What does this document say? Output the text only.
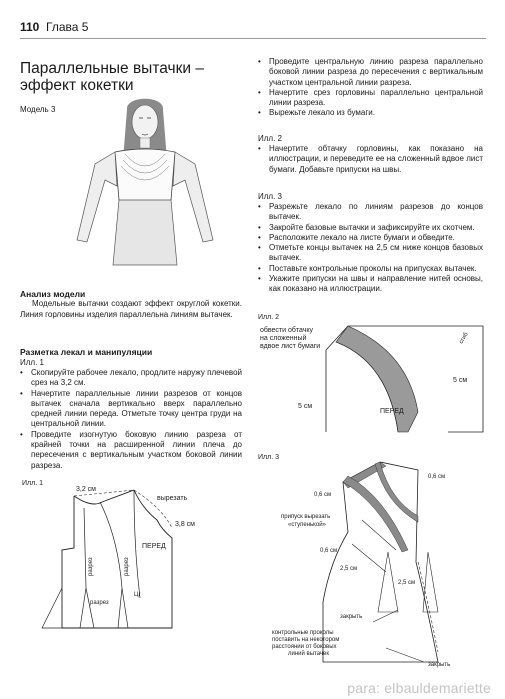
110 Глава 5
Параллельные вытачки – эффект кокетки
Модель 3
Анализ модели
Модельные вытачки создают эффект округлой кокетки. Линия горловины изделия параллельна линиям вытачек.
Разметка лекал и манипуляции
Илл. 1
• Скопируйте рабочее лекало, продлите наружу плечевой срез на 3,2 см.
• Начертите параллельные линии разрезов от концов вытачек сначала вертикально вверх параллельно средней линии переда. Отметьте точку центра груди на центральной линии.
• Проведите изогнутую боковую линию разреза от крайней точки на расширенной линии плеча до пересечения с вертикальным участком боковой линии разреза.
• Проведите центральную линию разреза параллельно боковой линии разреза до пересечения с вертикальным участком центральной линии разреза.
• Начертите срез горловины параллельно центральной линии разреза.
• Вырежьте лекало из бумаги.
Илл. 2
• Начертите обтачку горловины, как показано на иллюстрации, и переведите ее на сложенный вдвое лист бумаги. Добавьте припуски на швы.
Илл. 3
• Разрежьте лекало по линиям разрезов до концов вытачек.
• Закройте базовые вытачки и зафиксируйте их скотчем.
• Расположите лекало на листе бумаги и обведите.
• Отметьте концы вытачек на 2,5 см ниже концов базовых вытачек.
• Поставьте контрольные проколы на припусках вытачек.
• Укажите припуски на швы и направление нитей основы, как показано на иллюстрации.
Илл. 1
3,2 см
вырезать
3,8 см
ПЕРЕД
разрез	разрез
разрез
Цг
Илл. 2
обвести обтачку
на сложенный
вдвое лист бумаги
сгиб
5 см
5 см
ПЕРЕД
Илл. 3
0,6 см
0,6 см
припуск вырезать
«ступенькой»
0,6 см
2,5 см
2,5 см
закрыть
закрыть
контрольные проколы
поставить на некотором
расстоянии от боковых
линий вытачек
para: elbauldemariette
